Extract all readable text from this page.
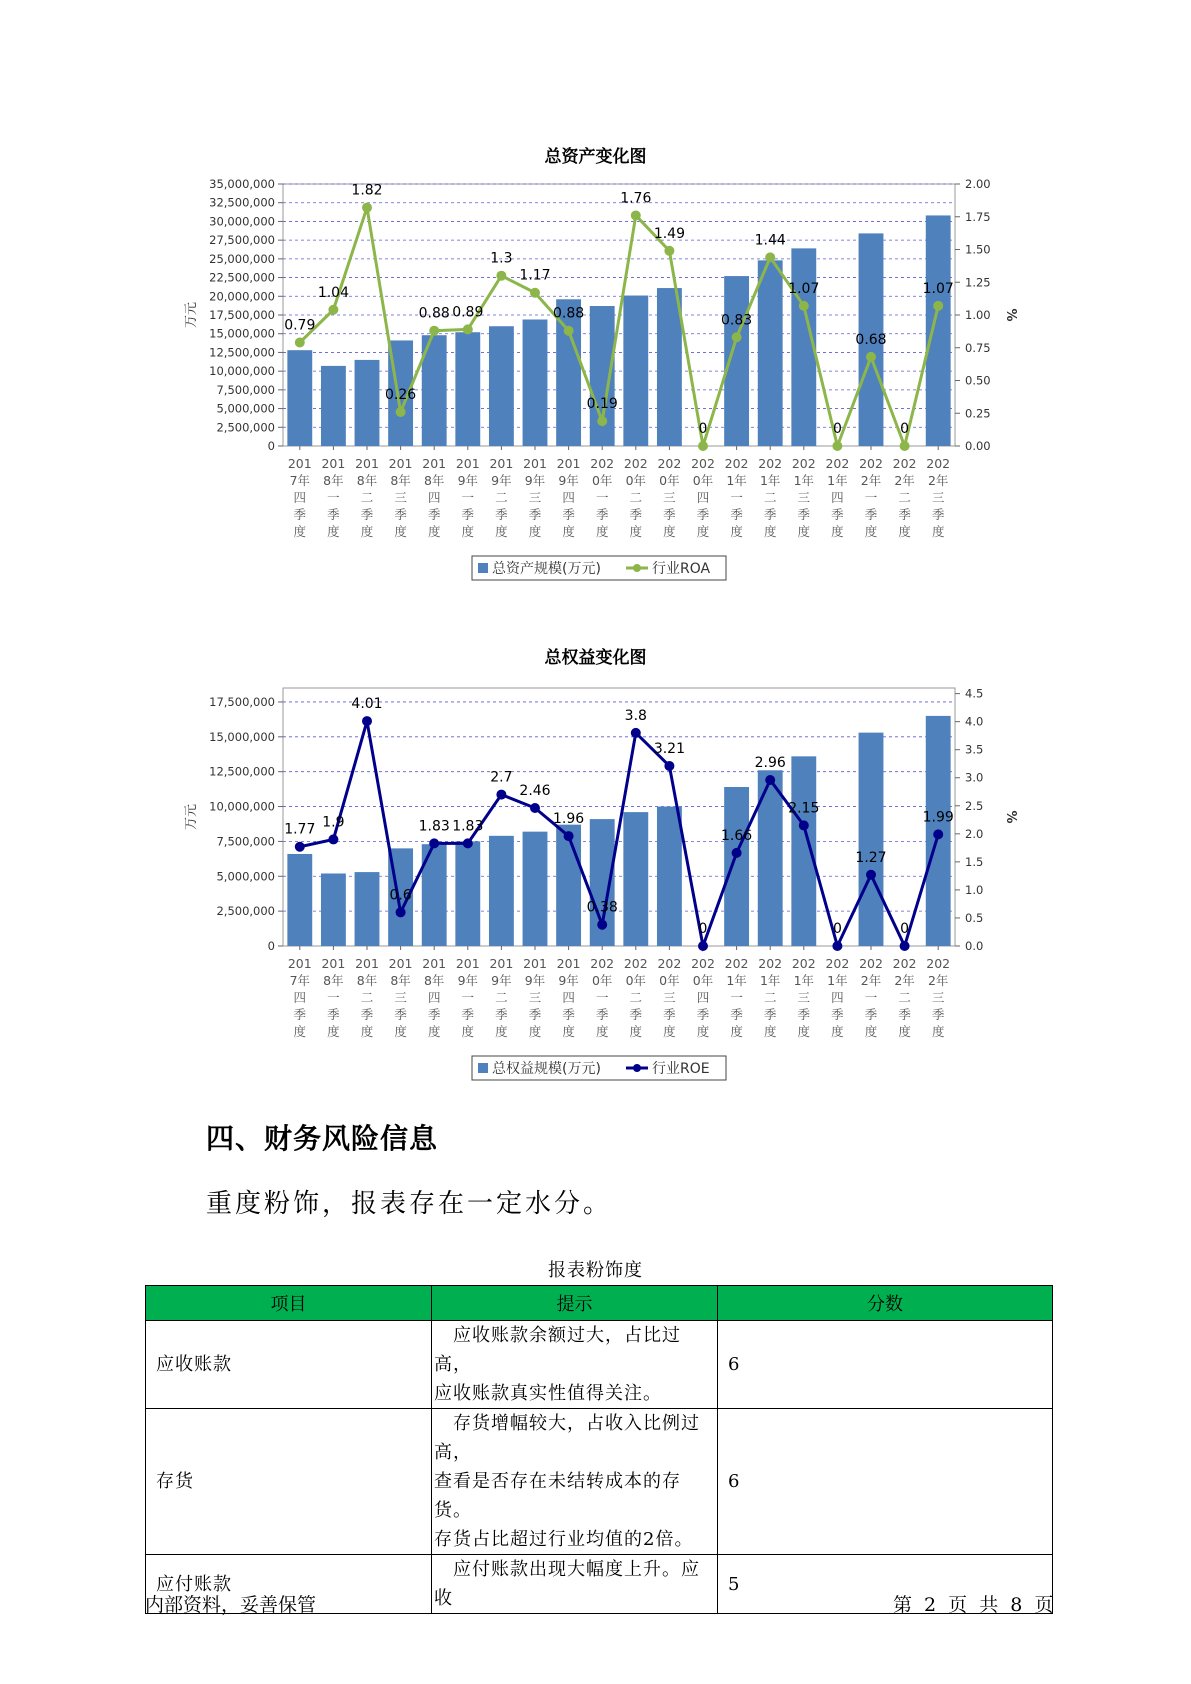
总资产变化图
0
2,500,000
5,000,000
7,500,000
10,000,000
12,500,000
15,000,000
17,500,000
20,000,000
22,500,000
25,000,000
27,500,000
30,000,000
32,500,000
35,000,000
0.00
0.25
0.50
0.75
1.00
1.25
1.50
1.75
2.00
万元	%
201
7年
四
季
度
201
8年
一
季
度
201
8年
二
季
度
201
8年
三
季
度
201
8年
四
季
度
201
9年
一
季
度
201
9年
二
季
度
201
9年
三
季
度
201
9年
四
季
度
202
0年
一
季
度
202
0年
二
季
度
202
0年
三
季
度
202
0年
四
季
度
202
1年
一
季
度
202
1年
二
季
度
202
1年
三
季
度
202
1年
四
季
度
202
2年
一
季
度
202
2年
二
季
度
202
2年
三
季
度
0.79
1.04
1.82
0.26
0.88 0.89
1.3
1.17
0.88
0.19
1.76
1.49
0
0.83
1.44
1.07
0
0.68
0
1.07
总资产规模(万元)	行业ROA
总权益变化图
0
2,500,000
5,000,000
7,500,000
10,000,000
12,500,000
15,000,000
17,500,000
0.0
0.5
1.0
1.5
2.0
2.5
3.0
3.5
4.0
4.5
万元	%
201
7年
四
季
度
201
8年
一
季
度
201
8年
二
季
度
201
8年
三
季
度
201
8年
四
季
度
201
9年
一
季
度
201
9年
二
季
度
201
9年
三
季
度
201
9年
四
季
度
202
0年
一
季
度
202
0年
二
季
度
202
0年
三
季
度
202
0年
四
季
度
202
1年
一
季
度
202
1年
二
季
度
202
1年
三
季
度
202
1年
四
季
度
202
2年
一
季
度
202
2年
二
季
度
202
2年
三
季
度
1.77 1.9
4.01
0.6
1.83 1.83
2.7
2.46
1.96
0.38
3.8
3.21
0
1.66
2.96
2.15
0
1.27
0
1.99
总权益规模(万元)	行业ROE
四、财务风险信息
重度粉饰，报表存在一定水分。
报表粉饰度
项目	提示	分数
应收账款	　应收账款余额过大，占比过高，
应收账款真实性值得关注。	6
存货	　存货增幅较大，占收入比例过高，
查看是否存在未结转成本的存货。
存货占比超过行业均值的2倍。	6
应付账款	　应付账款出现大幅度上升。应收	5
内部资料，妥善保管	第 2 页 共 8 页
